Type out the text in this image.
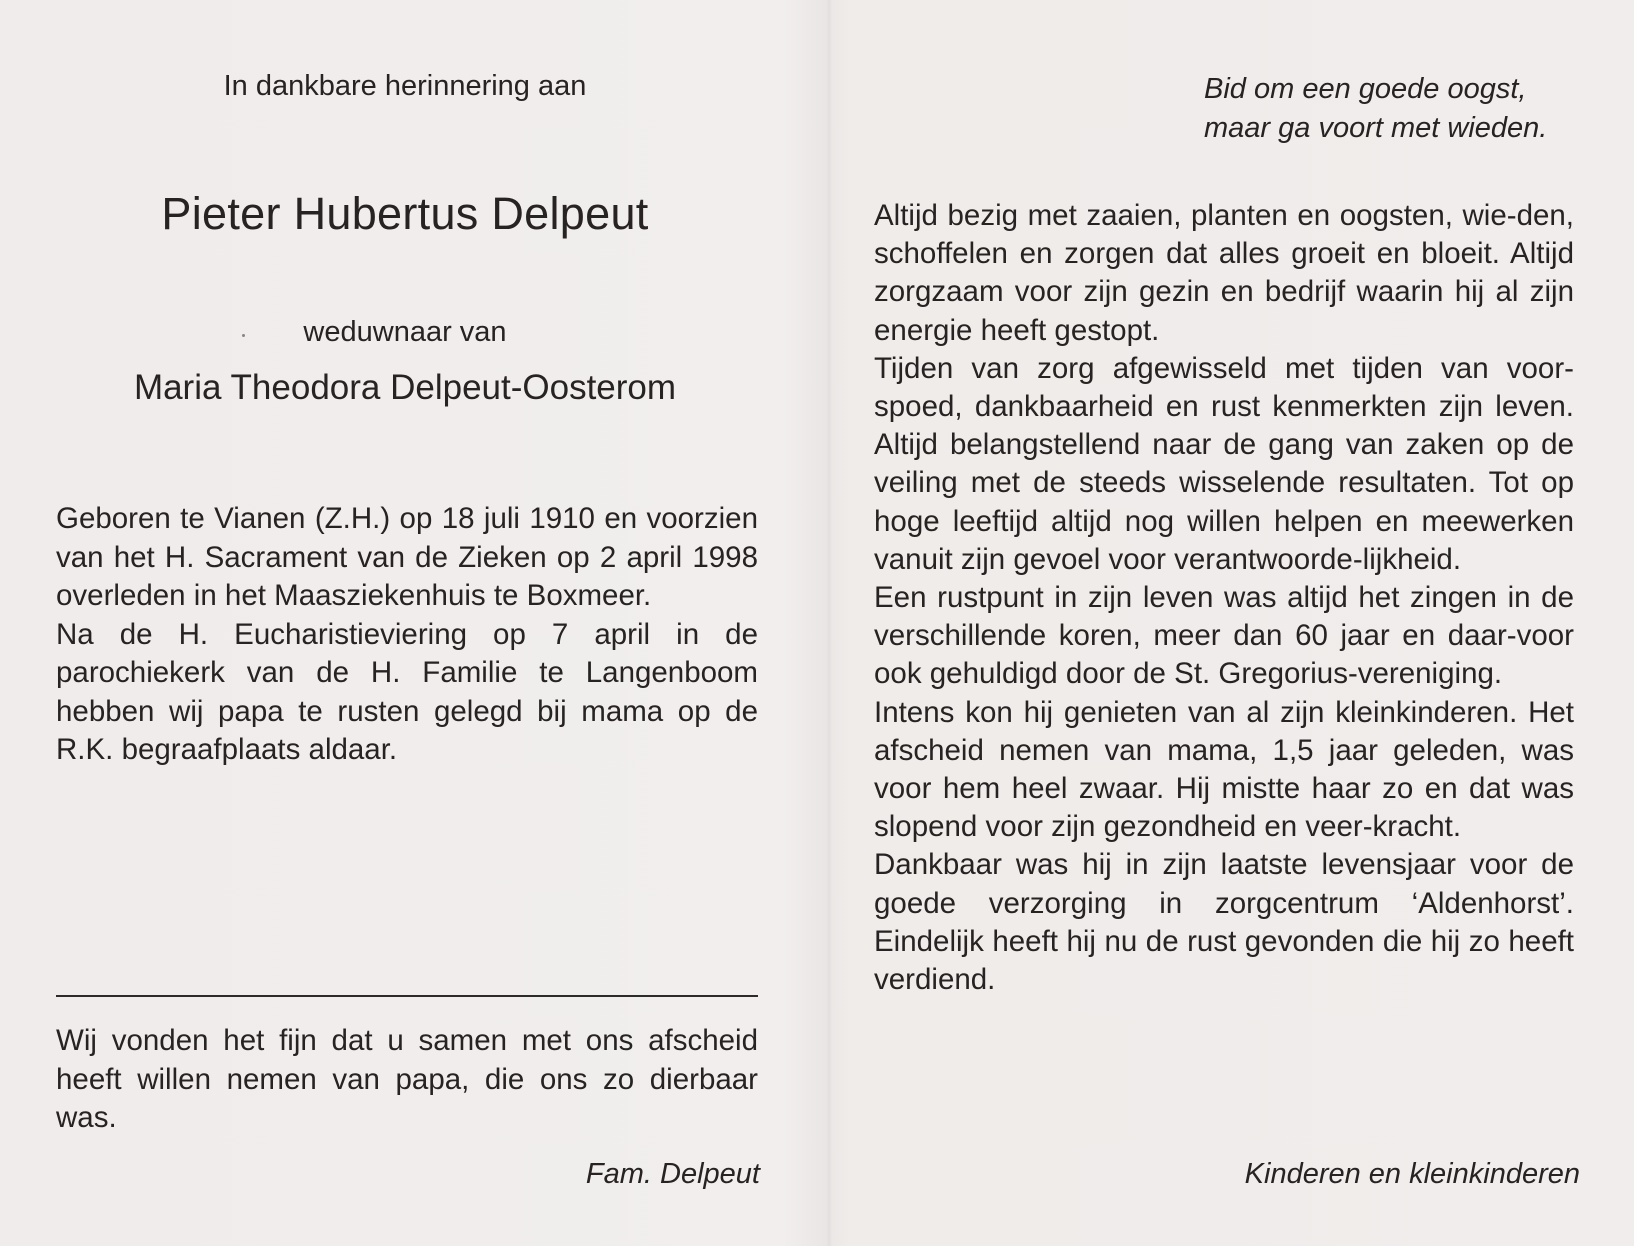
In dankbare herinnering aan
Pieter Hubertus Delpeut
weduwnaar van
Maria Theodora Delpeut-Oosterom

Geboren te Vianen (Z.H.) op 18 juli 1910 en voorzien van het H. Sacrament van de Zieken op 2 april 1998 overleden in het Maasziekenhuis te Boxmeer.

Na de H. Eucharistieviering op 7 april in de parochiekerk van de H. Familie te Langenboom hebben wij papa te rusten gelegd bij mama op de R.K. begraafplaats aldaar.

Wij vonden het fijn dat u samen met ons afscheid heeft willen nemen van papa, die ons zo dierbaar was.
Fam. Delpeut
Bid om een goede oogst,
maar ga voort met wieden.

Altijd bezig met zaaien, planten en oogsten, wie-den, schoffelen en zorgen dat alles groeit en bloeit. Altijd zorgzaam voor zijn gezin en bedrijf waarin hij al zijn energie heeft gestopt.

Tijden van zorg afgewisseld met tijden van voor-spoed, dankbaarheid en rust kenmerkten zijn leven. Altijd belangstellend naar de gang van zaken op de veiling met de steeds wisselende resultaten. Tot op hoge leeftijd altijd nog willen helpen en meewerken vanuit zijn gevoel voor verantwoorde-lijkheid.

Een rustpunt in zijn leven was altijd het zingen in de verschillende koren, meer dan 60 jaar en daar-voor ook gehuldigd door de St. Gregorius-vereniging.

Intens kon hij genieten van al zijn kleinkinderen. Het afscheid nemen van mama, 1,5 jaar geleden, was voor hem heel zwaar. Hij mistte haar zo en dat was slopend voor zijn gezondheid en veer-kracht.

Dankbaar was hij in zijn laatste levensjaar voor de goede verzorging in zorgcentrum ‘Aldenhorst’. Eindelijk heeft hij nu de rust gevonden die hij zo heeft verdiend.

Kinderen en kleinkinderen
